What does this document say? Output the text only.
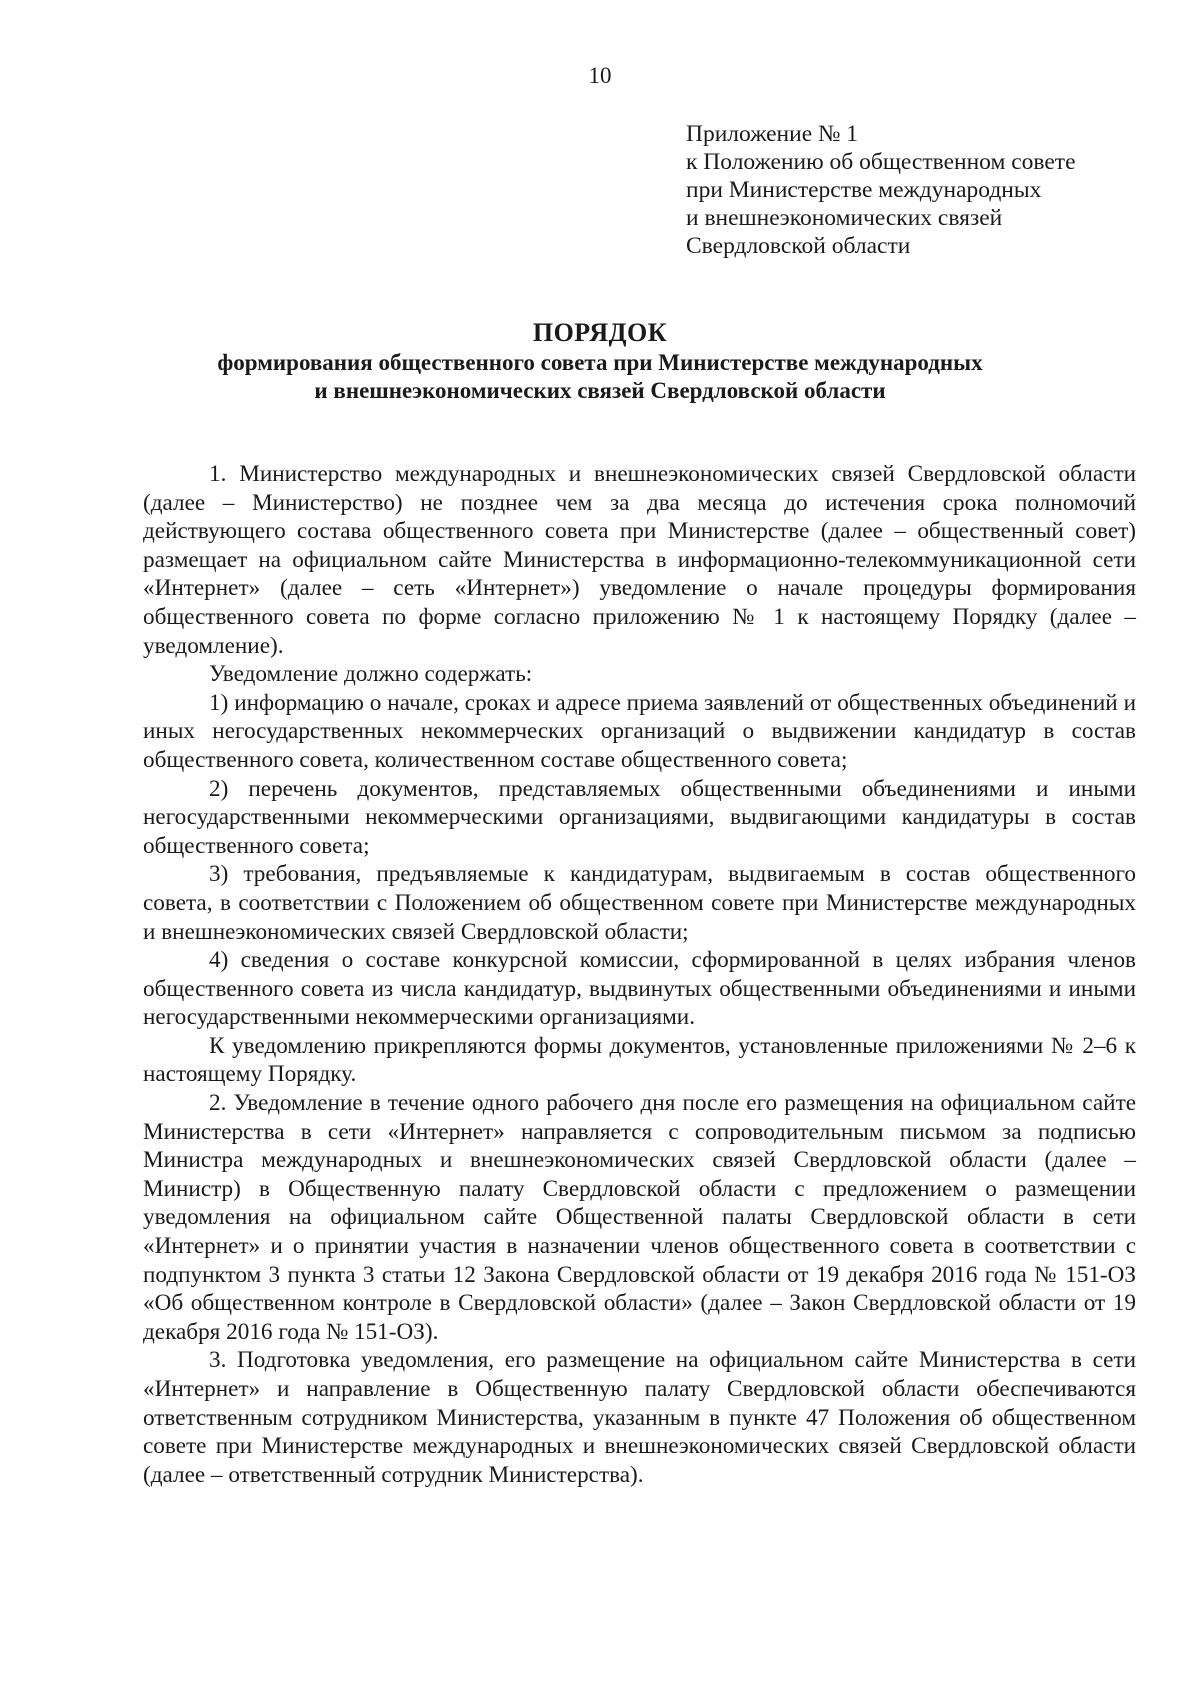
10
Приложение № 1
к Положению об общественном совете
при Министерстве международных
и внешнеэкономических связей
Свердловской области
ПОРЯДОК
формирования общественного совета при Министерстве международных
и внешнеэкономических связей Свердловской области

1. Министерство международных и внешнеэкономических связей Свердловской области (далее – Министерство) не позднее чем за два месяца до истечения срока полномочий действующего состава общественного совета при Министерстве (далее – общественный совет) размещает на официальном сайте Министерства в информационно-телекоммуникационной сети «Интернет» (далее – сеть «Интернет») уведомление о начале процедуры формирования общественного совета по форме согласно приложению № 1 к настоящему Порядку (далее – уведомление).

Уведомление должно содержать:

1) информацию о начале, сроках и адресе приема заявлений от общественных объединений и иных негосударственных некоммерческих организаций о выдвижении кандидатур в состав общественного совета, количественном составе общественного совета;

2) перечень документов, представляемых общественными объединениями и иными негосударственными некоммерческими организациями, выдвигающими кандидатуры в состав общественного совета;

3) требования, предъявляемые к кандидатурам, выдвигаемым в состав общественного совета, в соответствии с Положением об общественном совете при Министерстве международных и внешнеэкономических связей Свердловской области;

4) сведения о составе конкурсной комиссии, сформированной в целях избрания членов общественного совета из числа кандидатур, выдвинутых общественными объединениями и иными негосударственными некоммерческими организациями.

К уведомлению прикрепляются формы документов, установленные приложениями № 2–6 к настоящему Порядку.

2. Уведомление в течение одного рабочего дня после его размещения на официальном сайте Министерства в сети «Интернет» направляется с сопроводительным письмом за подписью Министра международных и внешнеэкономических связей Свердловской области (далее – Министр) в Общественную палату Свердловской области с предложением о размещении уведомления на официальном сайте Общественной палаты Свердловской области в сети «Интернет» и о принятии участия в назначении членов общественного совета в соответствии с подпунктом 3 пункта 3 статьи 12 Закона Свердловской области от 19 декабря 2016 года № 151-ОЗ «Об общественном контроле в Свердловской области» (далее – Закон Свердловской области от 19 декабря 2016 года № 151-ОЗ).

3. Подготовка уведомления, его размещение на официальном сайте Министерства в сети «Интернет» и направление в Общественную палату Свердловской области обеспечиваются ответственным сотрудником Министерства, указанным в пункте 47 Положения об общественном совете при Министерстве международных и внешнеэкономических связей Свердловской области (далее – ответственный сотрудник Министерства).
